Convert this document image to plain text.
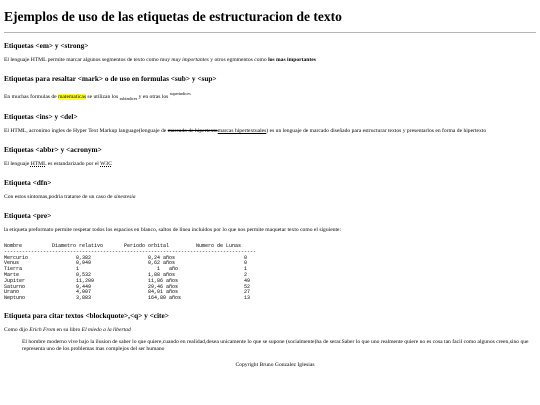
Ejemplos de uso de las etiquetas de estructuracion de texto
Etiquetas <em> y <strong>

El lenguaje HTML permite marcar algunos segmentos de texto como muy muy importantes y otros egmmentos como los mas importantes

Etiquetas para resaltar <mark> o de uso en formulas <sub> y <sup>

En muchas formulas de matematicas se utilizan los $_{subindices}$ y en otras los $^{superindices}$

Etiquetas <ins> y <del>

El HTML, acronimo ingles de Hyper Text Markup language(lenguaje de marcado de hipertextomarcas hipertextuales) es un lenguaje de marcado diseñado para estructurar textos y presentarlos en forma de hipertexto

Etiquetas <abbr> y <acronym>

El lenguaje HTML es estandarizado por el W3C

Etiqueta <dfn>

Con estos sintomas,podria tratarse de un caso de sinestesia

Etiqueta <pre>

la etiqueta preformato permite respetar todos los espacios en blanco, saltos de linea incluidos por lo que nos permite maquetar texto como el siguiente:

Nombre          Diametro relativo       Periodo orbital         Numero de Lunas
------------------------------------------------------------------------------------
Mercurio                0,382                   0,24 años                       0
Venus                   0,949                   0,62 años                       0
Tierra                  1                          1   año                      1
Marte                   0,532                   1,88 años                       2
Jupiter                 11,209                  11,86 años                      49
Saturno                 9,449                   29,46 años                      52
Urano                   4,007                   84,01 años                      27
Neptuno                 3,883                   164,80 años                     13
Etiqueta para citar textos <blockquote>,<q> y <cite>

Como dijo Erich From en su libro El miedo a la libertad

El hombre moderno vive bajo la ilusion de saber lo que quiere,cuando en realidad,desea unicamente lo que se supone (socialmente)ha de serar.Saber lo que uno realmente quiere no es cosa tan facil como algunos creen,sino que representa uno de los problemas mas complejos del ser humano
Copyright Bruno Gonzalez Iglesias
